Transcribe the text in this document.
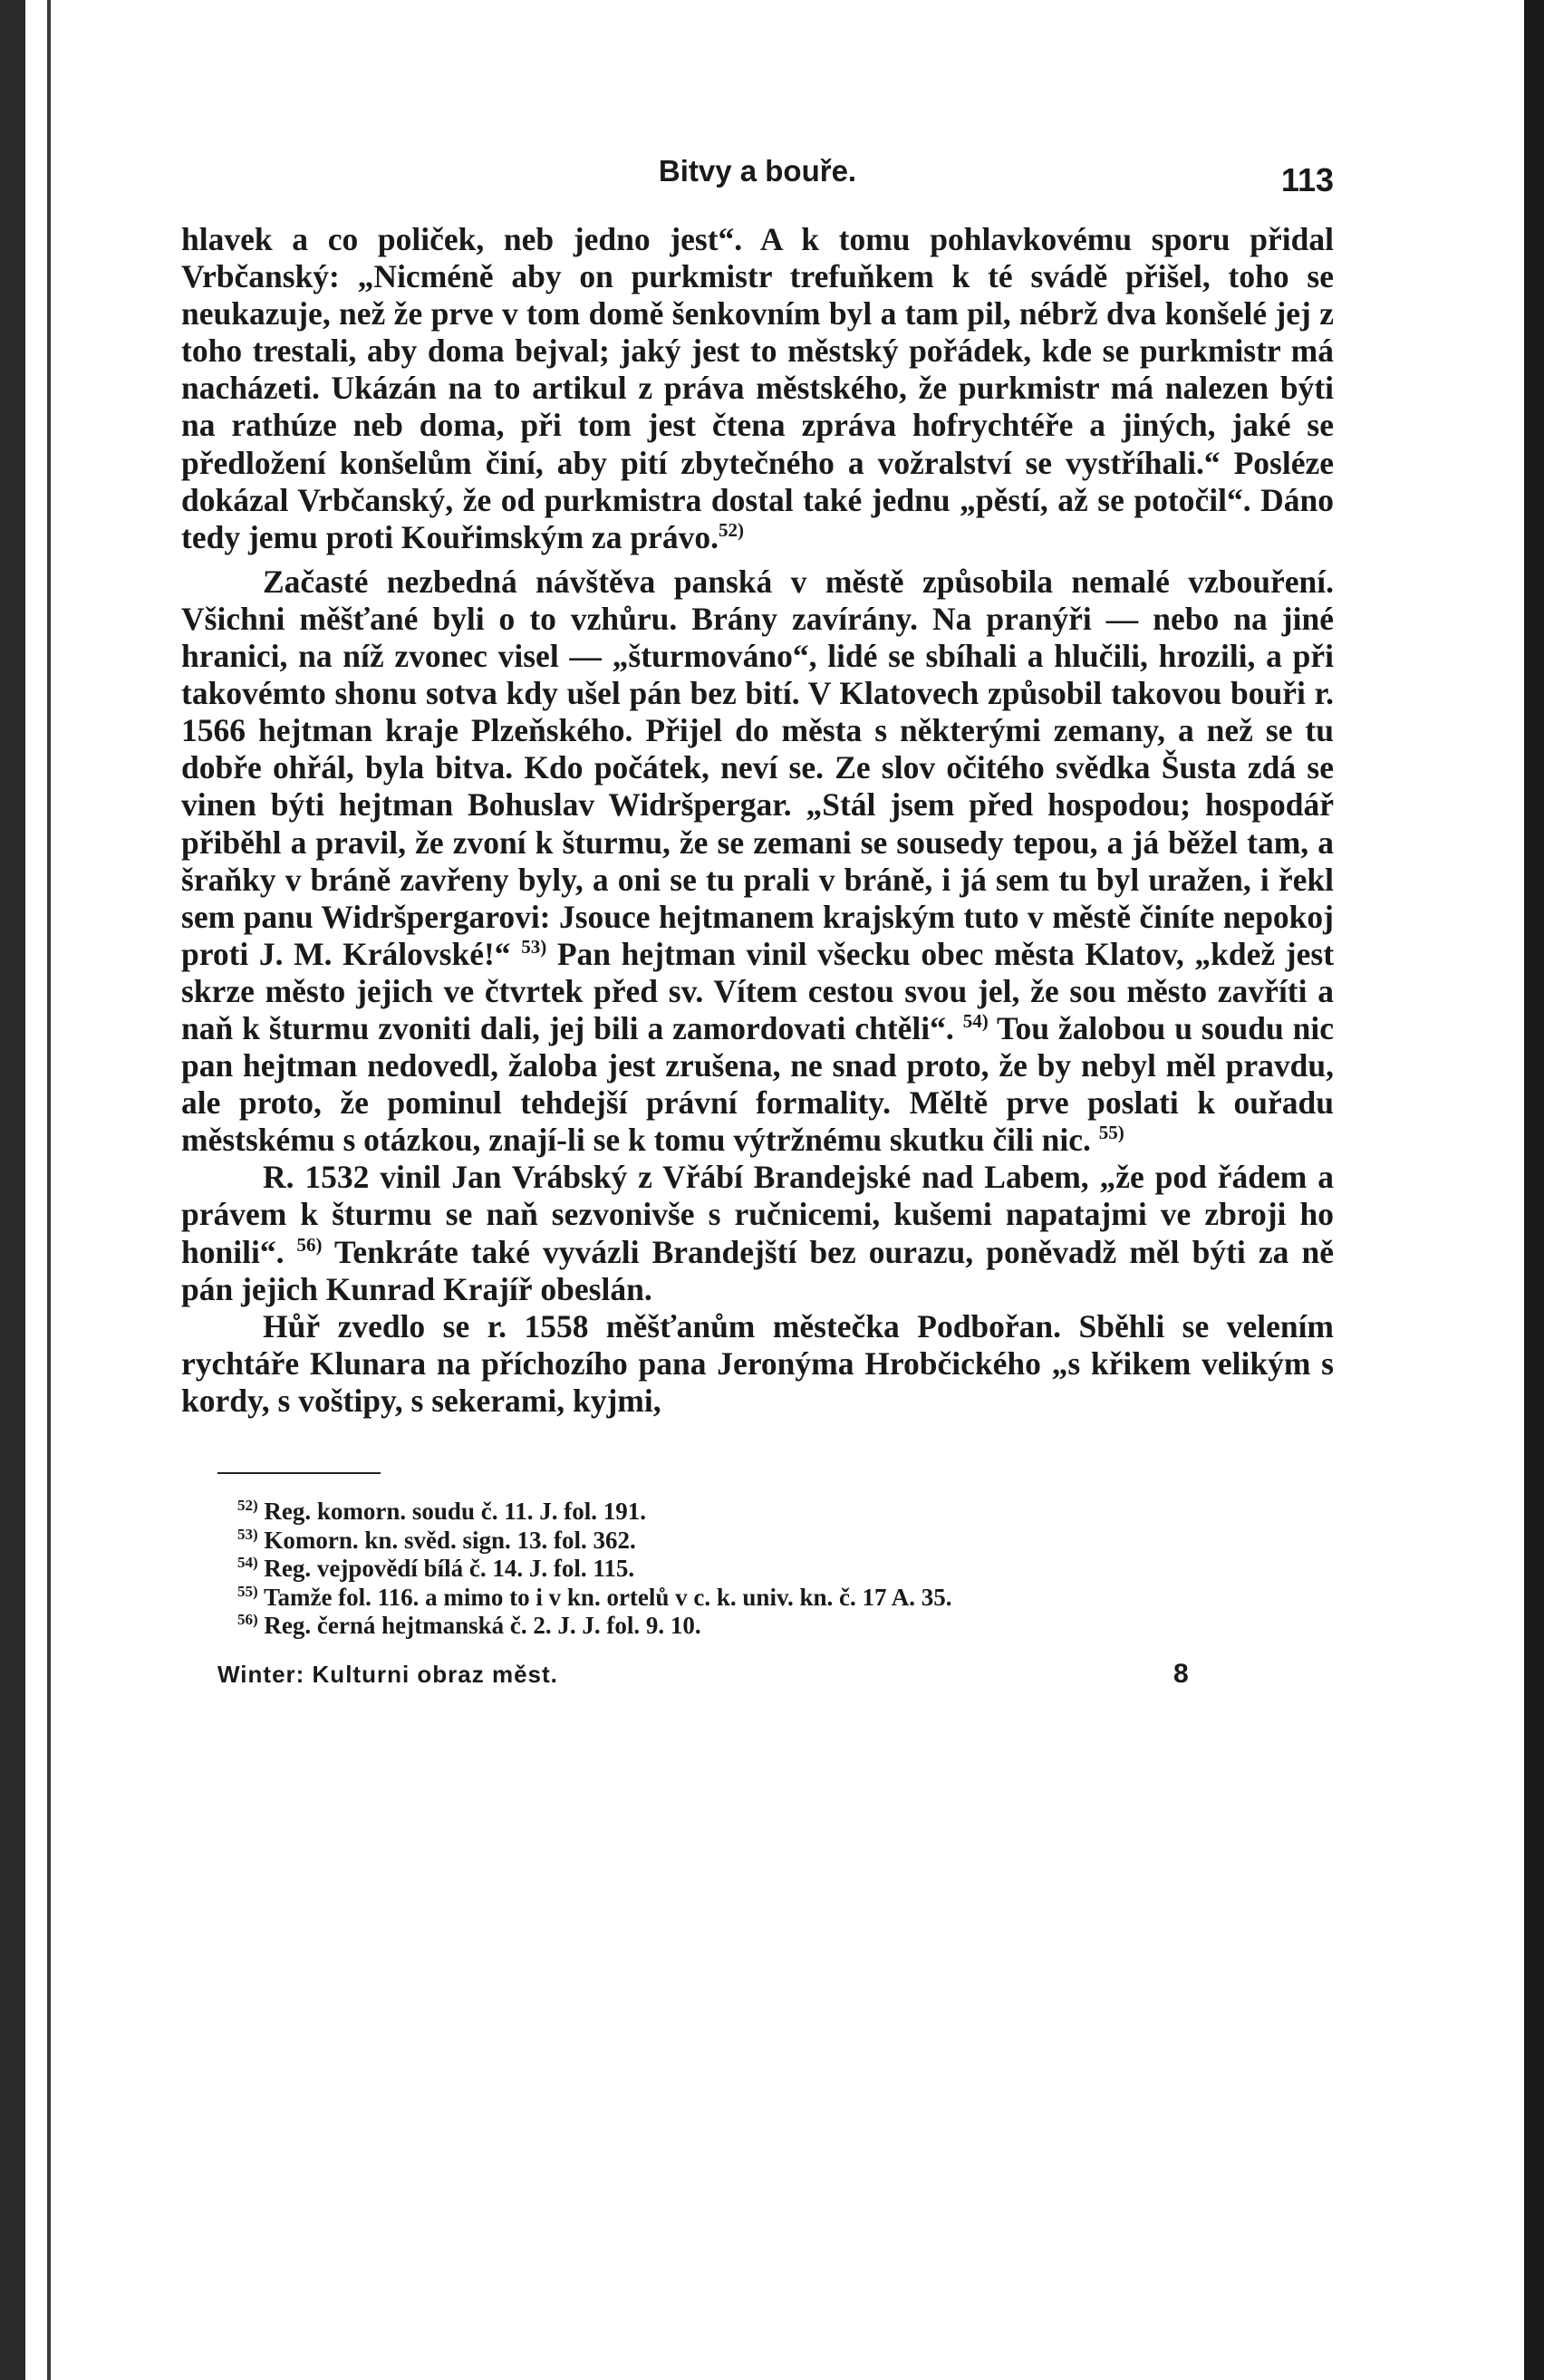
Bitvy a bouře.	113

hlavek a co poliček, neb jedno jest“. A k tomu pohlavkovému sporu přidal Vrbčanský: „Nicméně aby on purkmistr trefuňkem k té svádě přišel, toho se neukazuje, než že prve v tom domě šenkovním byl a tam pil, nébrž dva konšelé jej z toho trestali, aby doma bejval; jaký jest to městský pořádek, kde se purkmistr má nacházeti. Ukázán na to artikul z práva městského, že purkmistr má nalezen býti na rathúze neb doma, při tom jest čtena zpráva hofrychtéře a jiných, jaké se předložení konšelům činí, aby pití zbytečného a vožralství se vystříhali.“ Posléze dokázal Vrbčanský, že od purkmistra dostal také jednu „pěstí, až se potočil“. Dáno tedy jemu proti Kouřimským za právo.$^{52)}$

Začasté nezbedná návštěva panská v městě způsobila nemalé vzbouření. Všichni měšťané byli o to vzhůru. Brány zavírány. Na pranýři — nebo na jiné hranici, na níž zvonec visel — „šturmováno“, lidé se sbíhali a hlučili, hrozili, a při takovémto shonu sotva kdy ušel pán bez bití. V Klatovech způsobil takovou bouři r. 1566 hejtman kraje Plzeňského. Přijel do města s některými zemany, a než se tu dobře ohřál, byla bitva. Kdo počátek, neví se. Ze slov očitého svědka Šusta zdá se vinen býti hejtman Bohuslav Widršpergar. „Stál jsem před hospodou; hospodář přiběhl a pravil, že zvoní k šturmu, že se zemani se sousedy tepou, a já běžel tam, a šraňky v bráně zavřeny byly, a oni se tu prali v bráně, i já sem tu byl uražen, i řekl sem panu Widršpergarovi: Jsouce hejtmanem krajským tuto v městě činíte nepokoj proti J. M. Královské!“ $^{53)}$ Pan hejtman vinil všecku obec města Klatov, „kdež jest skrze město jejich ve čtvrtek před sv. Vítem cestou svou jel, že sou město zavříti a naň k šturmu zvoniti dali, jej bili a zamordovati chtěli“. $^{54)}$ Tou žalobou u soudu nic pan hejtman nedovedl, žaloba jest zrušena, ne snad proto, že by nebyl měl pravdu, ale proto, že pominul tehdejší právní formality. Měltě prve poslati k ouřadu městskému s otázkou, znají-li se k tomu výtržnému skutku čili nic. $^{55)}$

R. 1532 vinil Jan Vrábský z Vřábí Brandejské nad Labem, „že pod řádem a právem k šturmu se naň sezvonivše s ručnicemi, kušemi napatajmi ve zbroji ho honili“. $^{56)}$ Tenkráte také vyvázli Brandejští bez ourazu, poněvadž měl býti za ně pán jejich Kunrad Krajíř obeslán.

Hůř zvedlo se r. 1558 měšťanům městečka Podbořan. Sběhli se velením rychtáře Klunara na příchozího pana Jeronýma Hrobčického „s křikem velikým s kordy, s voštipy, s sekerami, kyjmi,

$^{52)}$ Reg. komorn. soudu č. 11. J. fol. 191.
$^{53)}$ Komorn. kn. svěd. sign. 13. fol. 362.
$^{54)}$ Reg. vejpovědí bílá č. 14. J. fol. 115.
$^{55)}$ Tamže fol. 116. a mimo to i v kn. ortelů v c. k. univ. kn. č. 17 A. 35.
$^{56)}$ Reg. černá hejtmanská č. 2. J. J. fol. 9. 10.
Winter: Kulturni obraz měst.	8
